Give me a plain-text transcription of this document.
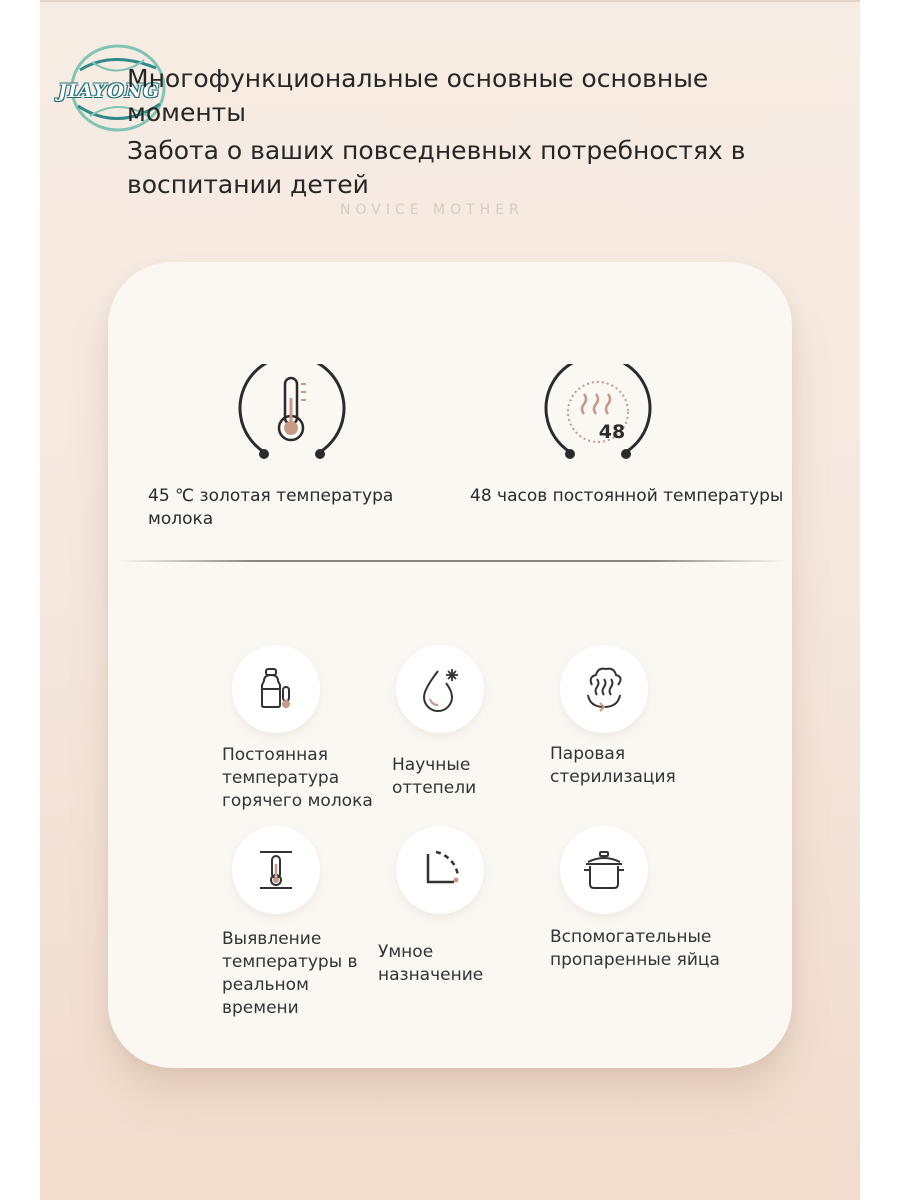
JIAYONG
Многофункциональные основные основные моменты
Забота о ваших повседневных потребностях в воспитании детей
NOVICE MOTHER
45 ℃ золотая температура молока
48
48 часов постоянной температуры
Постоянная температура горячего молока
Научные оттепели
Паровая стерилизация
Выявление температуры в реальном времени
Умное назначение
Вспомогательные пропаренные яйца
